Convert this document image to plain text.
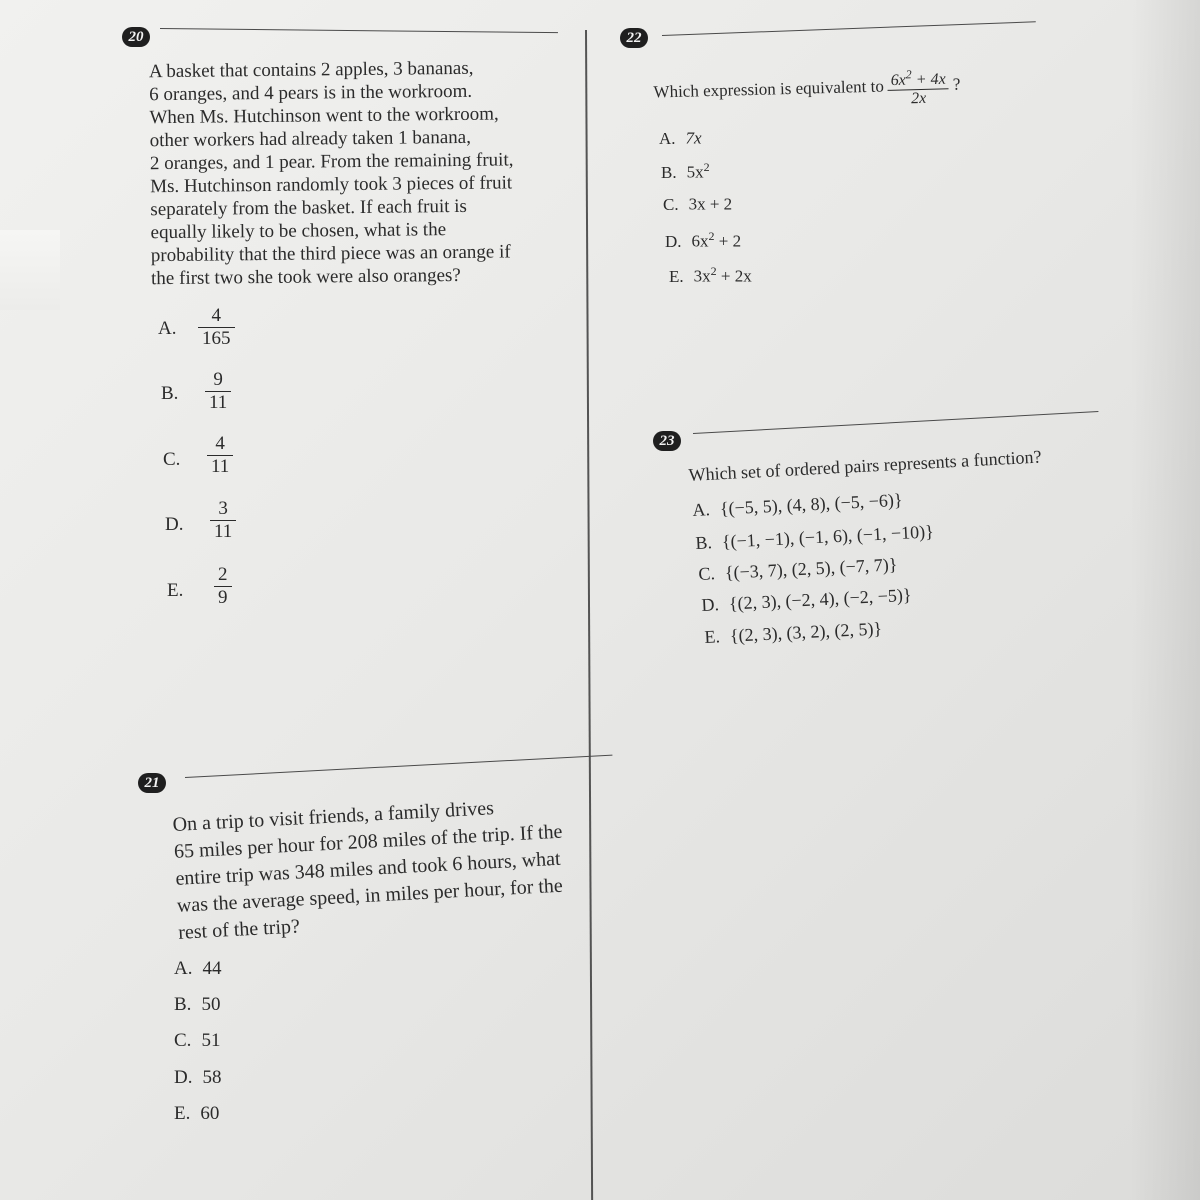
20
A basket that contains 2 apples, 3 bananas,
6 oranges, and 4 pears is in the workroom.
When Ms. Hutchinson went to the workroom,
other workers had already taken 1 banana,
2 oranges, and 1 pear. From the remaining fruit,
Ms. Hutchinson randomly took 3 pieces of fruit
separately from the basket. If each fruit is
equally likely to be chosen, what is the
probability that the third piece was an orange if
the first two she took were also oranges?
A.
4
165
B.
9
11
C.
4
11
D.
3
11
E.
2
9
21
On a trip to visit friends, a family drives
65 miles per hour for 208 miles of the trip. If the
entire trip was 348 miles and took 6 hours, what
was the average speed, in miles per hour, for the
rest of the trip?
A. 44
B. 50
C. 51
D. 58
E. 60
22
Which expression is equivalent to $\frac{6x^2 + 4x}{2x}$ ?
A. 7x
B. $5x^2$
C. 3x + 2
D. $6x^2 + 2$
E. $3x^2 + 2x$
23
Which set of ordered pairs represents a function?
A. {(−5, 5), (4, 8), (−5, −6)}
B. {(−1, −1), (−1, 6), (−1, −10)}
C. {(−3, 7), (2, 5), (−7, 7)}
D. {(2, 3), (−2, 4), (−2, −5)}
E. {(2, 3), (3, 2), (2, 5)}
